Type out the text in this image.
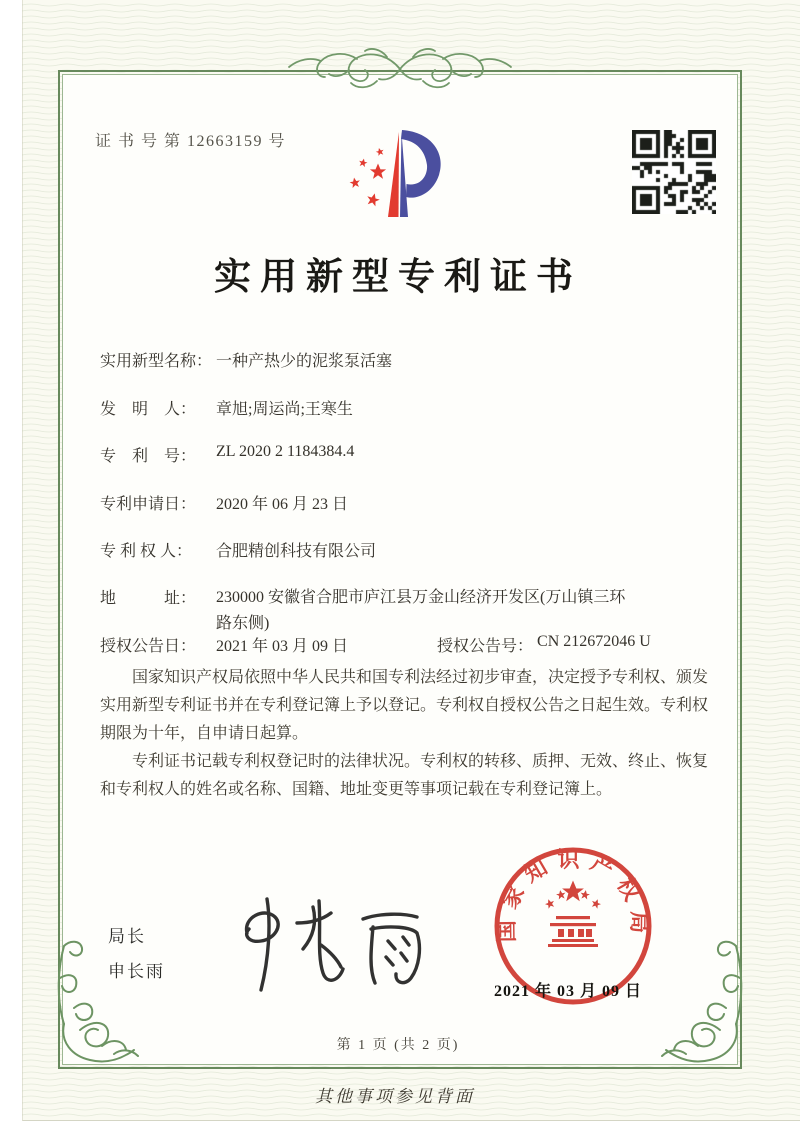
证 书 号 第 12663159 号
实用新型专利证书
实用新型名称： 一种产热少的泥浆泵活塞
发　明　人： 章旭;周运尚;王寒生
专　利　号： ZL 2020 2 1184384.4
专利申请日： 2020 年 06 月 23 日
专 利 权 人： 合肥精创科技有限公司
地　　　址： 230000 安徽省合肥市庐江县万金山经济开发区(万山镇三环路东侧)
授权公告日： 2021 年 03 月 09 日	授权公告号： CN 212672046 U

国家知识产权局依照中华人民共和国专利法经过初步审查，决定授予专利权、颁发实用新型专利证书并在专利登记簿上予以登记。专利权自授权公告之日起生效。专利权期限为十年，自申请日起算。

专利证书记载专利权登记时的法律状况。专利权的转移、质押、无效、终止、恢复和专利权人的姓名或名称、国籍、地址变更等事项记载在专利登记簿上。

局长
申长雨
国家知识产权局
2021 年 03 月 09 日
第 1 页 (共 2 页)
其他事项参见背面
